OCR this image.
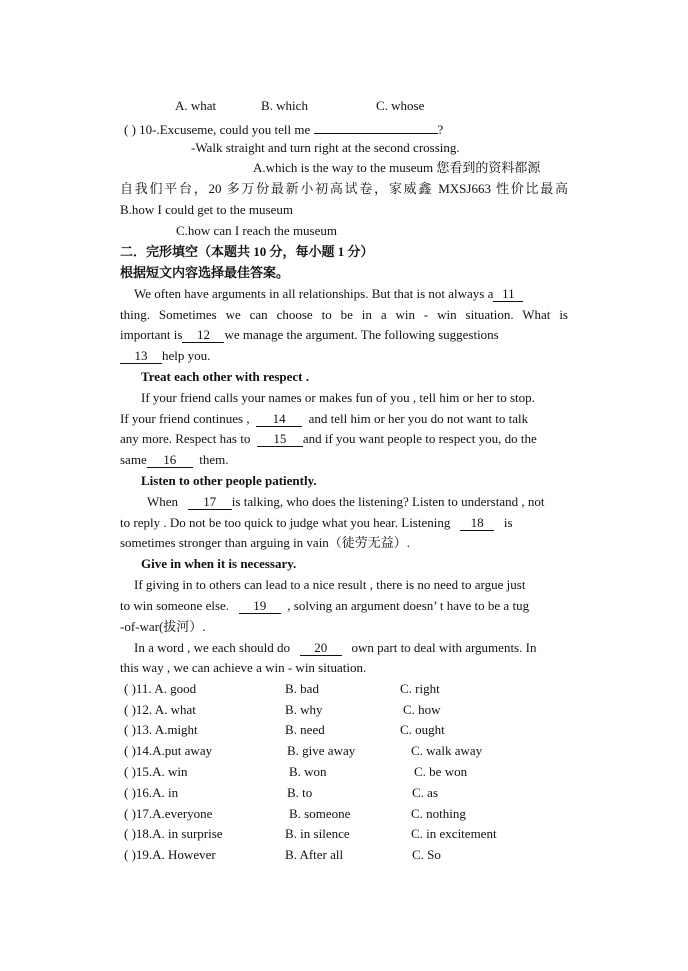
A. what	B. which	C. whose
( ) 10-.Excuseme, could you tell me	?
-Walk straight and turn right at the second crossing.
A.which is the way to the museum 您看到的资料都源
自我们平台，20 多万份最新小初高试卷，家威鑫 MXSJ663 性价比最高
B.how I could get to the museum
C.how can I reach the museum
二．完形填空（本题共 10 分，每小题 1 分）
根据短文内容选择最佳答案。
We often have arguments in all relationships. But that is not always a 11
thing. Sometimes we can choose to be in a win - win situation. What is
important is 12 we manage the argument. The following suggestions
13 help you.
Treat each other with respect .
If your friend calls your names or makes fun of you , tell him or her to stop.
If your friend continues , 14 and tell him or her you do not want to talk
any more. Respect has to 15 and if you want people to respect you, do the
same 16 them.
Listen to other people patiently.
When 17 is talking, who does the listening? Listen to understand , not
to reply . Do not be too quick to judge what you hear. Listening 18 is
sometimes stronger than arguing in vain（徒劳无益）.
Give in when it is necessary.
If giving in to others can lead to a nice result , there is no need to argue just
to win someone else. 19 , solving an argument doesn’ t have to be a tug
-of-war(拔河）.
In a word , we each should do 20 own part to deal with arguments. In
this way , we can achieve a win - win situation.
( )11. A. good	B. bad	C. right
( )12. A. what	B. why	C. how
( )13. A.might	B. need	C. ought
( )14.A.put away	B. give away	C. walk away
( )15.A. win	B. won	C. be won
( )16.A. in	B. to	C. as
( )17.A.everyone	B. someone	C. nothing
( )18.A. in surprise	B. in silence	C. in excitement
( )19.A. However	B. After all	C. So
